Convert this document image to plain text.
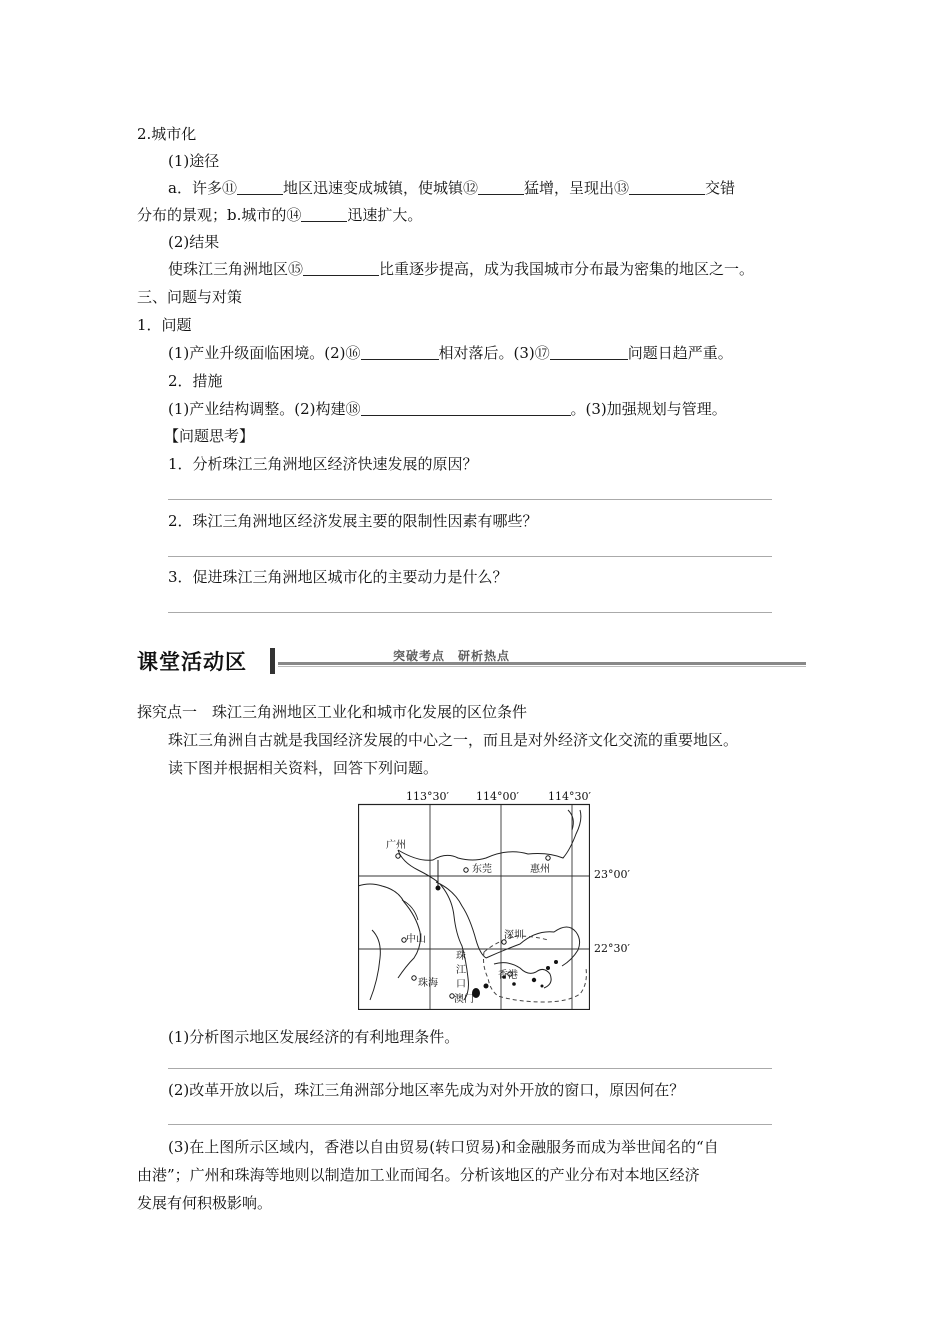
2.城市化
(1)途径
a．许多⑪	地区迅速变成城镇，使城镇⑫	猛增，呈现出⑬	交错
分布的景观；b.城市的⑭	迅速扩大。
(2)结果
使珠江三角洲地区⑮	比重逐步提高，成为我国城市分布最为密集的地区之一。
三、问题与对策
1．问题
(1)产业升级面临困境。(2)⑯	相对落后。(3)⑰	问题日趋严重。
2．措施
(1)产业结构调整。(2)构建⑱	。(3)加强规划与管理。
【问题思考】
1．分析珠江三角洲地区经济快速发展的原因？
2．珠江三角洲地区经济发展主要的限制性因素有哪些？
3．促进珠江三角洲地区城市化的主要动力是什么？
课堂活动区	突破考点　研析热点
探究点一　珠江三角洲地区工业化和城市化发展的区位条件
珠江三角洲自古就是我国经济发展的中心之一，而且是对外经济文化交流的重要地区。
读下图并根据相关资料，回答下列问题。
113°30′ 114°00′	114°30′
23°00′
22°30′
广州
东莞	惠州
中山	深圳
珠海
澳门
香港
珠
江
口
(1)分析图示地区发展经济的有利地理条件。
(2)改革开放以后，珠江三角洲部分地区率先成为对外开放的窗口，原因何在？
(3)在上图所示区域内，香港以自由贸易(转口贸易)和金融服务而成为举世闻名的“自
由港”；广州和珠海等地则以制造加工业而闻名。分析该地区的产业分布对本地区经济
发展有何积极影响。
